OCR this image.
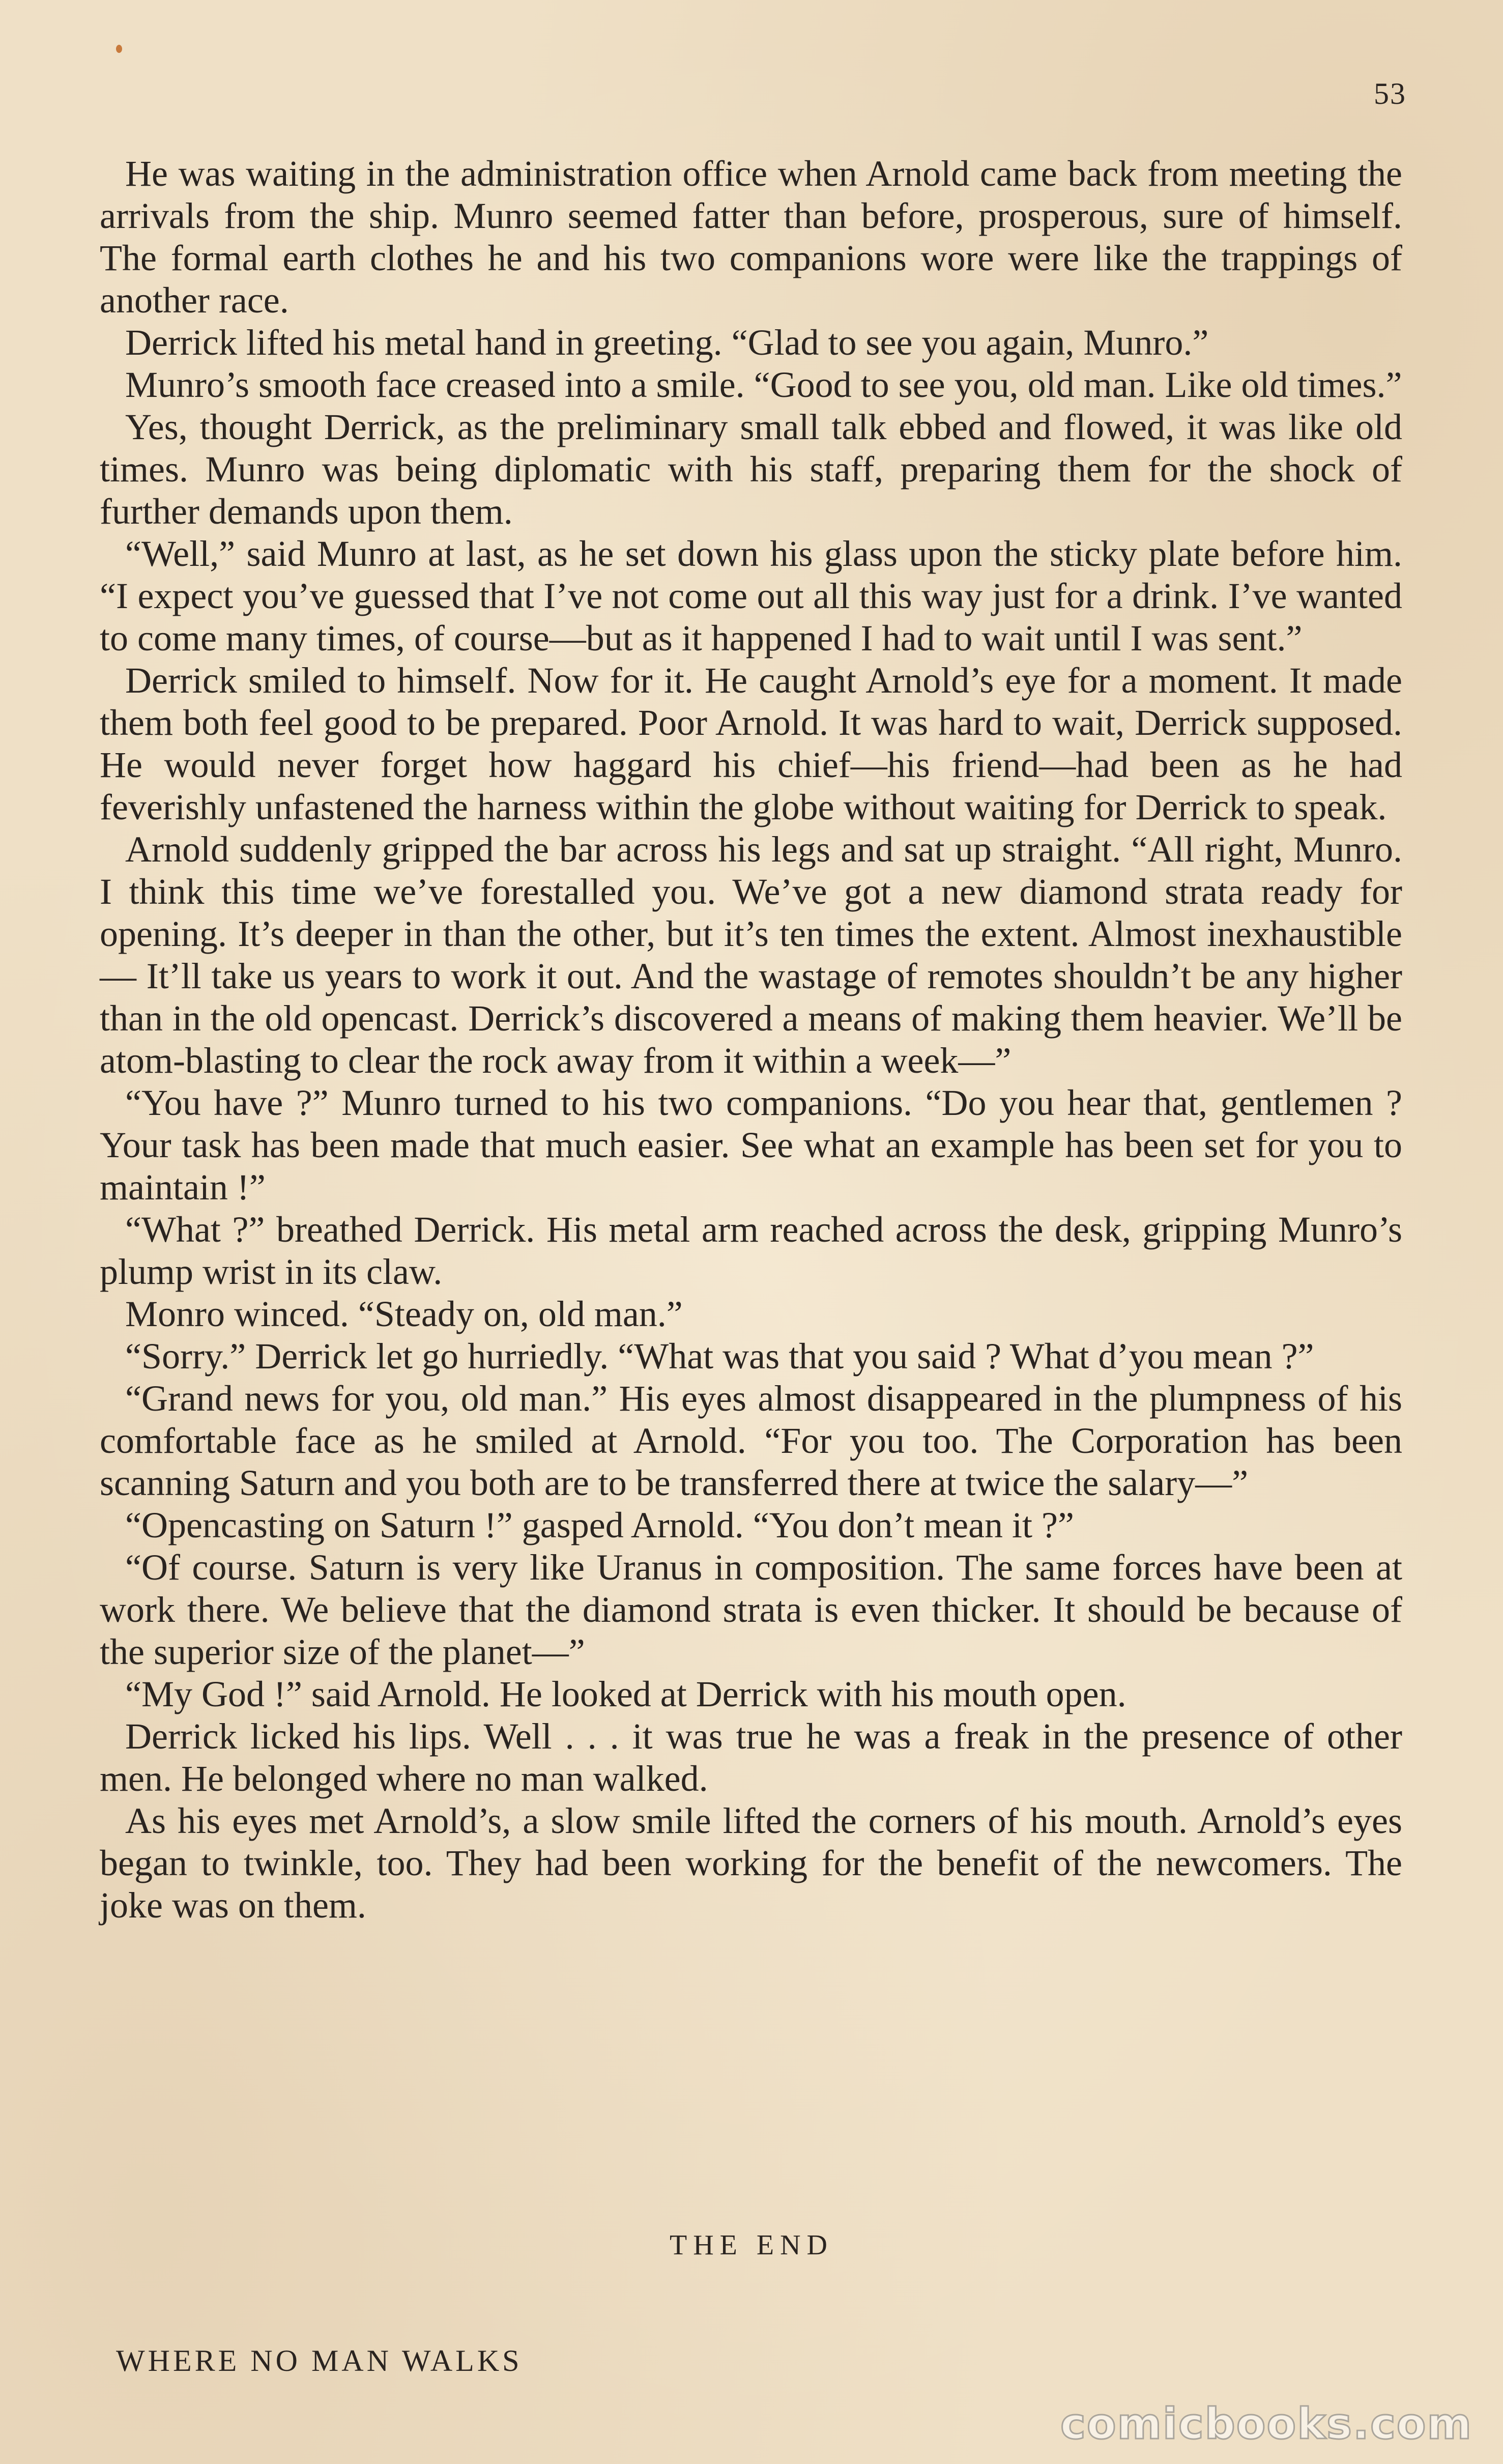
53

He was waiting in the administration office when Arnold came back from meeting the arrivals from the ship. Munro seemed fatter than before, prosperous, sure of himself. The formal earth clothes he and his two companions wore were like the trappings of another race.

Derrick lifted his metal hand in greeting. “Glad to see you again, Munro.”

Munro’s smooth face creased into a smile. “Good to see you, old man. Like old times.”

Yes, thought Derrick, as the preliminary small talk ebbed and flowed, it was like old times. Munro was being diplomatic with his staff, preparing them for the shock of further demands upon them.

“Well,” said Munro at last, as he set down his glass upon the sticky plate before him. “I expect you’ve guessed that I’ve not come out all this way just for a drink. I’ve wanted to come many times, of course—but as it happened I had to wait until I was sent.”

Derrick smiled to himself. Now for it. He caught Arnold’s eye for a moment. It made them both feel good to be prepared. Poor Arnold. It was hard to wait, Derrick supposed. He would never forget how haggard his chief—his friend—had been as he had feverishly unfastened the harness within the globe without waiting for Derrick to speak.

Arnold suddenly gripped the bar across his legs and sat up straight. “All right, Munro. I think this time we’ve forestalled you. We’ve got a new diamond strata ready for opening. It’s deeper in than the other, but it’s ten times the extent. Almost inexhaustible— It’ll take us years to work it out. And the wastage of remotes shouldn’t be any higher than in the old opencast. Derrick’s discovered a means of making them heavier. We’ll be atom-blasting to clear the rock away from it within a week—”

“You have ?” Munro turned to his two companions. “Do you hear that, gentlemen ? Your task has been made that much easier. See what an example has been set for you to maintain !”

“What ?” breathed Derrick. His metal arm reached across the desk, gripping Munro’s plump wrist in its claw.

Monro winced. “Steady on, old man.”

“Sorry.” Derrick let go hurriedly. “What was that you said ? What d’you mean ?”

“Grand news for you, old man.” His eyes almost disappeared in the plumpness of his comfortable face as he smiled at Arnold. “For you too. The Corporation has been scanning Saturn and you both are to be transferred there at twice the salary—”

“Opencasting on Saturn !” gasped Arnold. “You don’t mean it ?”

“Of course. Saturn is very like Uranus in composition. The same forces have been at work there. We believe that the diamond strata is even thicker. It should be because of the superior size of the planet—”

“My God !” said Arnold. He looked at Derrick with his mouth open.

Derrick licked his lips. Well . . . it was true he was a freak in the presence of other men. He belonged where no man walked.

As his eyes met Arnold’s, a slow smile lifted the corners of his mouth. Arnold’s eyes began to twinkle, too. They had been working for the benefit of the newcomers. The joke was on them.

THE END
WHERE NO MAN WALKS
comicbooks.com
